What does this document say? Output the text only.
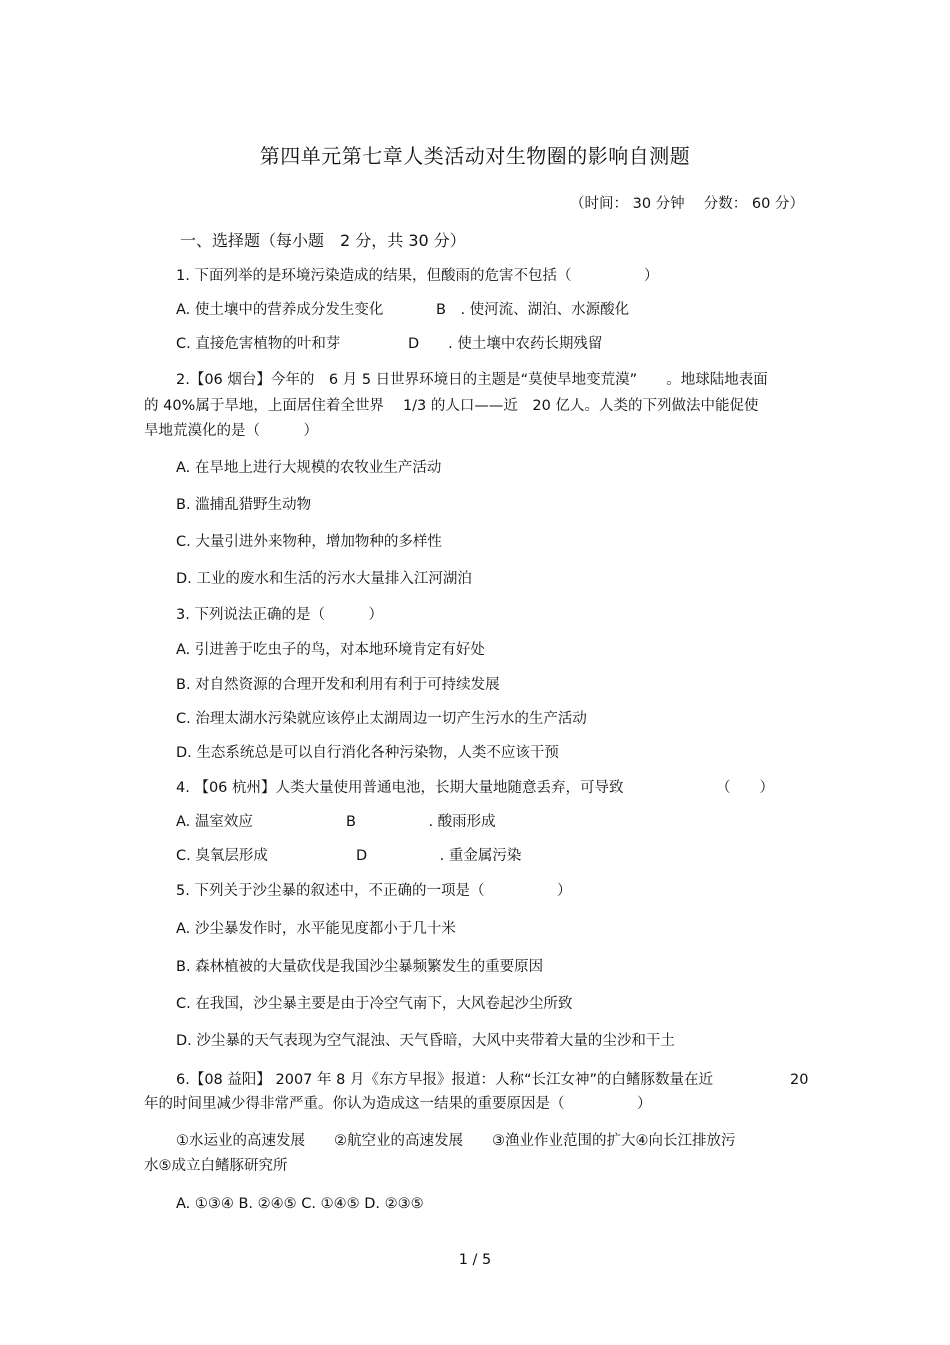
第四单元第七章人类活动对生物圈的影响自测题
（时间： 30 分钟　 分数： 60 分）
一、选择题（每小题　2 分，共 30 分）
1. 下面列举的是环境污染造成的结果，但酸雨的危害不包括（　　　　　）
A. 使土壤中的营养成分发生变化	B　. 使河流、湖泊、水源酸化
C. 直接危害植物的叶和芽	D　　. 使土壤中农药长期残留
2.【06 烟台】今年的　6 月 5 日世界环境日的主题是“莫使旱地变荒漠”　　。地球陆地表面
的 40%属于旱地，上面居住着全世界　 1/3 的人口——近　20 亿人。人类的下列做法中能促使
旱地荒漠化的是（　　　）
A. 在旱地上进行大规模的农牧业生产活动
B. 滥捕乱猎野生动物
C. 大量引进外来物种，增加物种的多样性
D. 工业的废水和生活的污水大量排入江河湖泊
3. 下列说法正确的是（　　　）
A. 引进善于吃虫子的鸟，对本地环境肯定有好处
B. 对自然资源的合理开发和利用有利于可持续发展
C. 治理太湖水污染就应该停止太湖周边一切产生污水的生产活动
D. 生态系统总是可以自行消化各种污染物，人类不应该干预
4. 【06 杭州】人类大量使用普通电池，长期大量地随意丢弃，可导致	（　　）
A. 温室效应	B　　　　　. 酸雨形成
C. 臭氧层形成	D　　　　　. 重金属污染
5. 下列关于沙尘暴的叙述中，不正确的一项是（　　　　　）
A. 沙尘暴发作时，水平能见度都小于几十米
B. 森林植被的大量砍伐是我国沙尘暴频繁发生的重要原因
C. 在我国，沙尘暴主要是由于冷空气南下，大风卷起沙尘所致
D. 沙尘暴的天气表现为空气混浊、天气昏暗，大风中夹带着大量的尘沙和干土
6.【08 益阳】 2007 年 8 月《东方早报》报道：人称“长江女神”的白鳍豚数量在近	20
年的时间里减少得非常严重。你认为造成这一结果的重要原因是（　　　　　）
①水运业的高速发展　　②航空业的高速发展　　③渔业作业范围的扩大④向长江排放污
水⑤成立白鳍豚研究所
A. ①③④ B. ②④⑤ C. ①④⑤ D. ②③⑤
1 / 5
